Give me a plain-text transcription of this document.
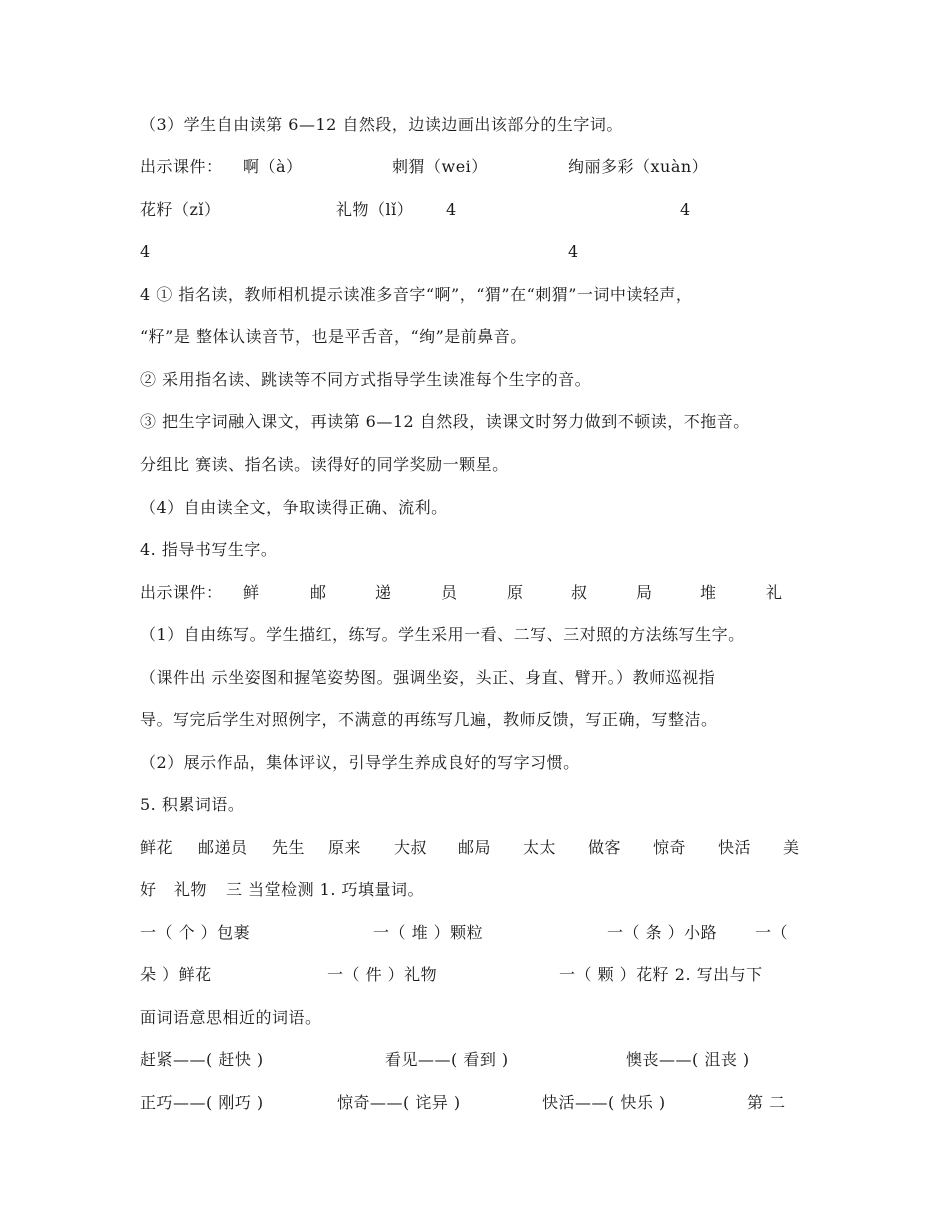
（3）学生自由读第 6—12 自然段，边读边画出该部分的生字词。
出示课件： 啊（à）	刺猬（wei）	绚丽多彩（xuàn）
花籽（zǐ）	礼物（lǐ） 4	4
4	4
4 ① 指名读，教师相机提示读准多音字“啊”，“猬”在“刺猬”一词中读轻声，
“籽”是 整体认读音节，也是平舌音，“绚”是前鼻音。
② 采用指名读、跳读等不同方式指导学生读准每个生字的音。
③ 把生字词融入课文，再读第 6—12 自然段，读课文时努力做到不顿读，不拖音。
分组比 赛读、指名读。读得好的同学奖励一颗星。
（4）自由读全文，争取读得正确、流利。
4. 指导书写生字。
出示课件： 鲜	邮	递	员	原	叔	局	堆	礼
（1）自由练写。学生描红，练写。学生采用一看、二写、三对照的方法练写生字。
（课件出 示坐姿图和握笔姿势图。强调坐姿，头正、身直、臂开。）教师巡视指
导。写完后学生对照例字，不满意的再练写几遍，教师反馈，写正确，写整洁。
（2）展示作品，集体评议，引导学生养成良好的写字习惯。
5. 积累词语。
鲜花 邮递员 先生 原来 大叔 邮局 太太 做客 惊奇 快活 美
好 礼物 三 当堂检测 1. 巧填量词。
一（ 个 ）包裹	一（ 堆 ）颗粒	一（ 条 ）小路 一（
朵 ）鲜花	一（ 件 ）礼物	一（ 颗 ）花籽 2. 写出与下
面词语意思相近的词语。
赶紧——( 赶快 )	看见——( 看到 )	懊丧——( 沮丧 )
正巧——( 刚巧 )	惊奇——( 诧异 )	快活——( 快乐 )	第 二
